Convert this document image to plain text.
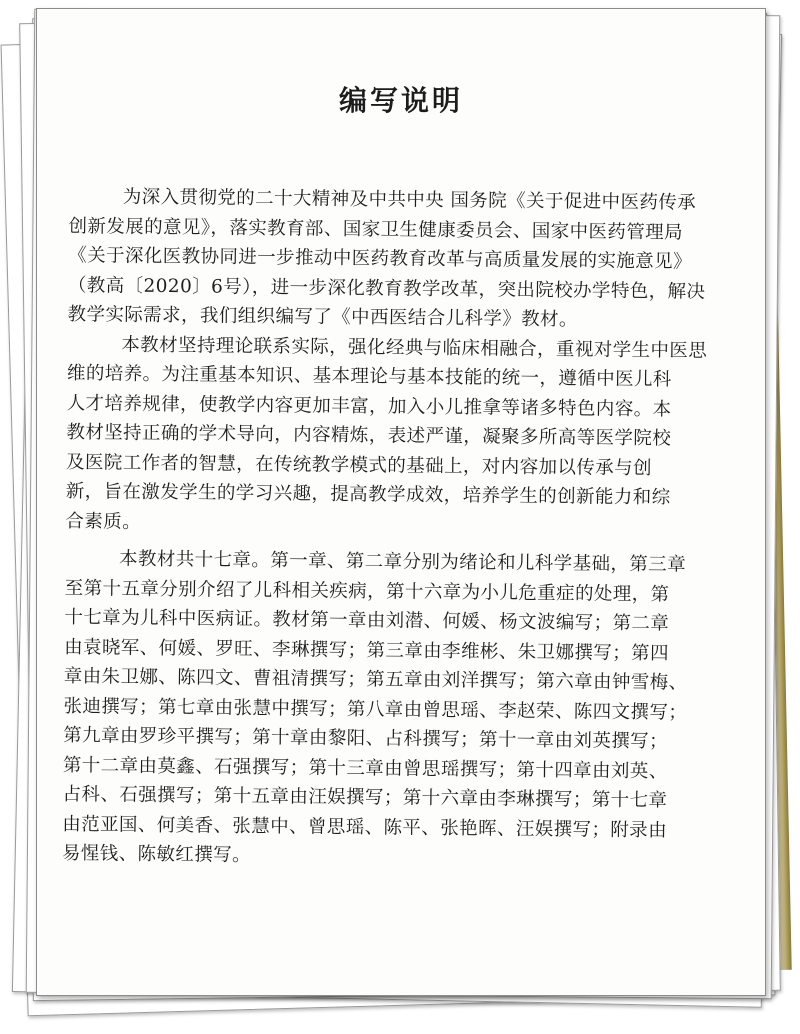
编写说明
为深入贯彻党的二十大精神及中共中央 国务院《关于促进中医药传承
创新发展的意见》，落实教育部、国家卫生健康委员会、国家中医药管理局
《关于深化医教协同进一步推动中医药教育改革与高质量发展的实施意见》
（教高〔2020〕6号），进一步深化教育教学改革，突出院校办学特色，解决
教学实际需求，我们组织编写了《中西医结合儿科学》教材。
本教材坚持理论联系实际，强化经典与临床相融合，重视对学生中医思
维的培养。为注重基本知识、基本理论与基本技能的统一，遵循中医儿科
人才培养规律，使教学内容更加丰富，加入小儿推拿等诸多特色内容。本
教材坚持正确的学术导向，内容精炼，表述严谨，凝聚多所高等医学院校
及医院工作者的智慧，在传统教学模式的基础上，对内容加以传承与创
新，旨在激发学生的学习兴趣，提高教学成效，培养学生的创新能力和综
合素质。
本教材共十七章。第一章、第二章分别为绪论和儿科学基础，第三章
至第十五章分别介绍了儿科相关疾病，第十六章为小儿危重症的处理，第
十七章为儿科中医病证。教材第一章由刘潜、何媛、杨文波编写；第二章
由袁晓军、何媛、罗旺、李琳撰写；第三章由李维彬、朱卫娜撰写；第四
章由朱卫娜、陈四文、曹祖清撰写；第五章由刘洋撰写；第六章由钟雪梅、
张迪撰写；第七章由张慧中撰写；第八章由曾思瑶、李赵荣、陈四文撰写；
第九章由罗珍平撰写；第十章由黎阳、占科撰写；第十一章由刘英撰写；
第十二章由莫鑫、石强撰写；第十三章由曾思瑶撰写；第十四章由刘英、
占科、石强撰写；第十五章由汪娱撰写；第十六章由李琳撰写；第十七章
由范亚国、何美香、张慧中、曾思瑶、陈平、张艳晖、汪娱撰写；附录由
易惺钱、陈敏红撰写。
